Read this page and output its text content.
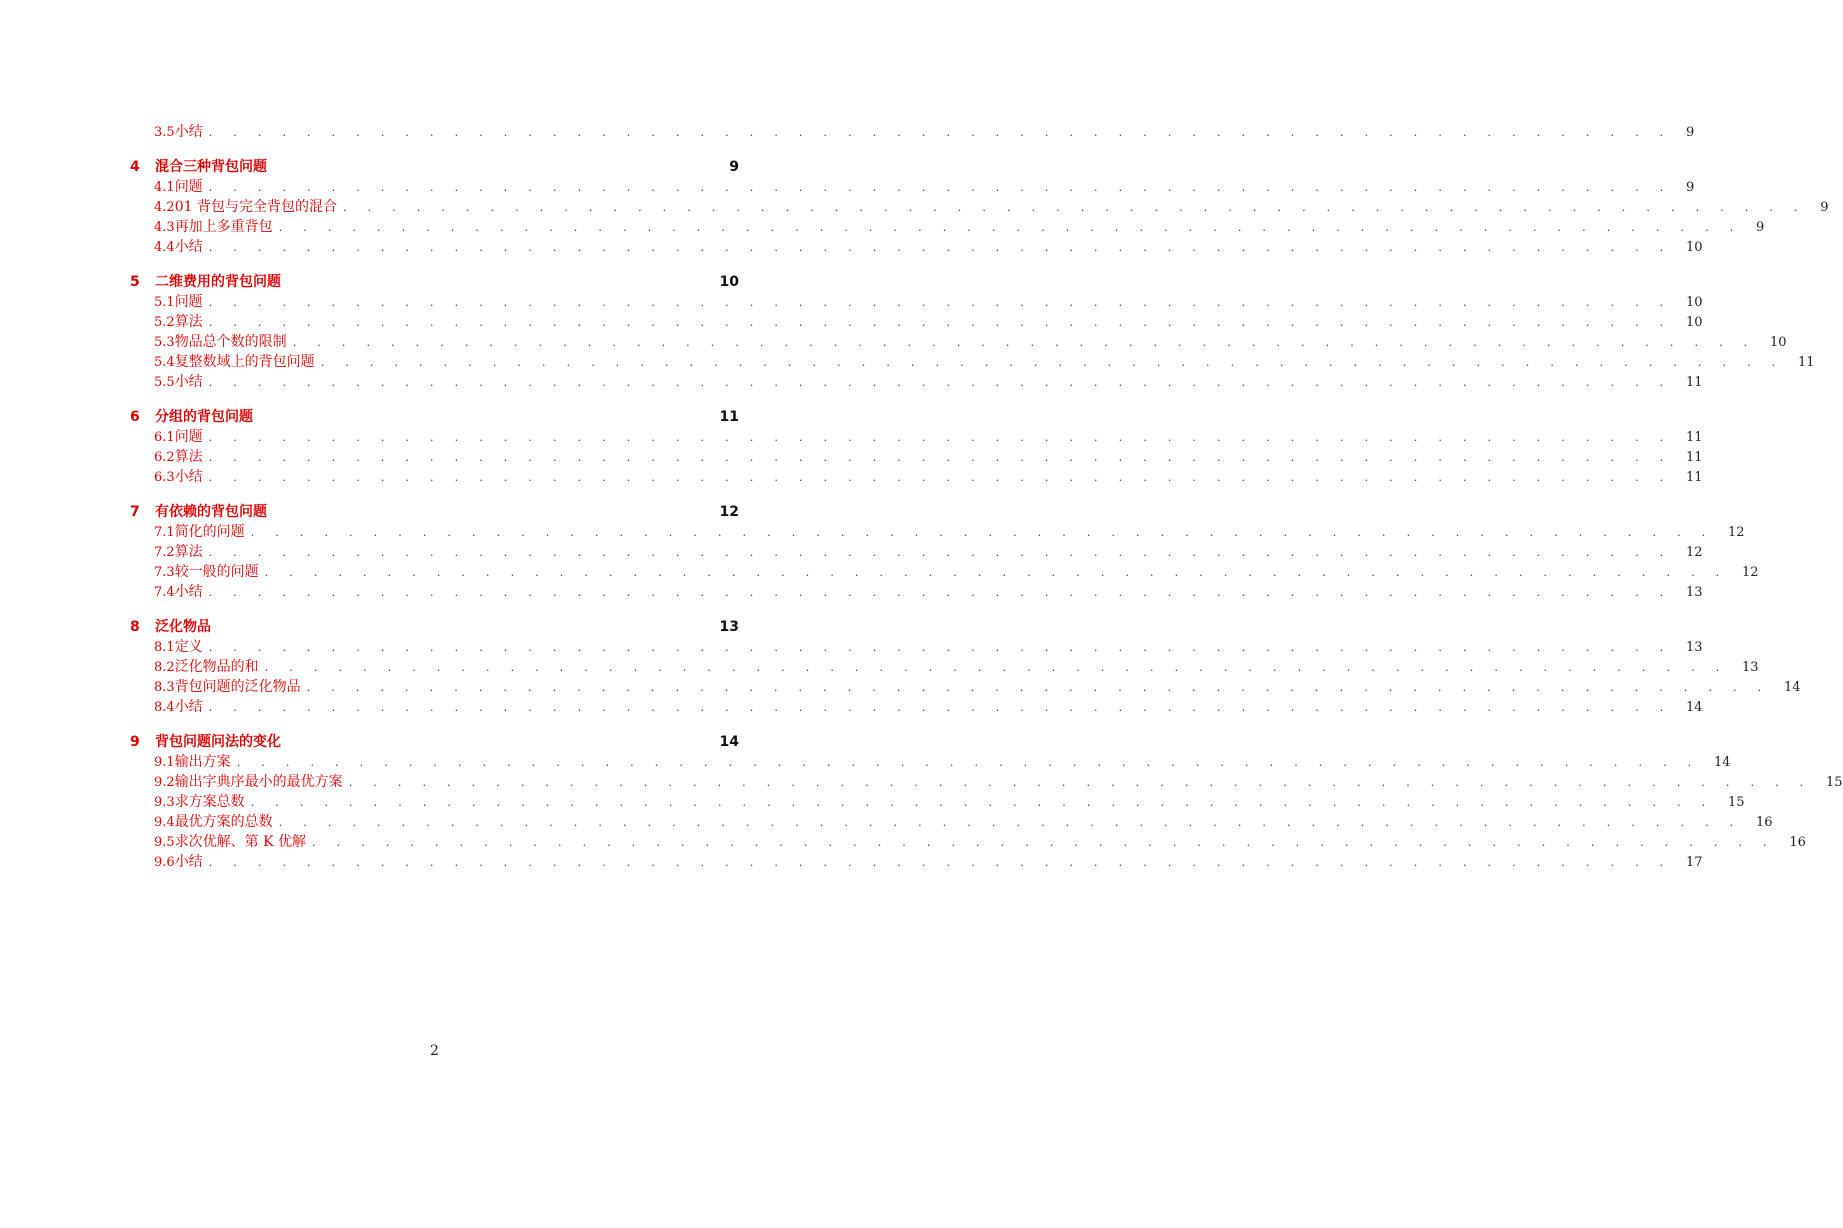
3.5 小结 . . . . . . . . . . . . . . . . . . . . . . . . . . . . . . . . . . . . . . . . . . . . . . . . . . . . . . . . . . . . 9
4	混合三种背包问题	9
4.1 问题 . . . . . . . . . . . . . . . . . . . . . . . . . . . . . . . . . . . . . . . . . . . . . . . . . . . . . . . . . . . . 9
4.2 01 背包与完全背包的混合 . . . . . . . . . . . . . . . . . . . . . . . . . . . . . . . . . . . . . . . . . . . . . . . . . . . . . . . . . . . . 9
4.3 再加上多重背包 . . . . . . . . . . . . . . . . . . . . . . . . . . . . . . . . . . . . . . . . . . . . . . . . . . . . . . . . . . . . 9
4.4 小结 . . . . . . . . . . . . . . . . . . . . . . . . . . . . . . . . . . . . . . . . . . . . . . . . . . . . . . . . . . . . 10
5	二维费用的背包问题	10
5.1 问题 . . . . . . . . . . . . . . . . . . . . . . . . . . . . . . . . . . . . . . . . . . . . . . . . . . . . . . . . . . . . 10
5.2 算法 . . . . . . . . . . . . . . . . . . . . . . . . . . . . . . . . . . . . . . . . . . . . . . . . . . . . . . . . . . . . 10
5.3 物品总个数的限制 . . . . . . . . . . . . . . . . . . . . . . . . . . . . . . . . . . . . . . . . . . . . . . . . . . . . . . . . . . . . 10
5.4 复整数域上的背包问题 . . . . . . . . . . . . . . . . . . . . . . . . . . . . . . . . . . . . . . . . . . . . . . . . . . . . . . . . . . . . 11
5.5 小结 . . . . . . . . . . . . . . . . . . . . . . . . . . . . . . . . . . . . . . . . . . . . . . . . . . . . . . . . . . . . 11
6	分组的背包问题	11
6.1 问题 . . . . . . . . . . . . . . . . . . . . . . . . . . . . . . . . . . . . . . . . . . . . . . . . . . . . . . . . . . . . 11
6.2 算法 . . . . . . . . . . . . . . . . . . . . . . . . . . . . . . . . . . . . . . . . . . . . . . . . . . . . . . . . . . . . 11
6.3 小结 . . . . . . . . . . . . . . . . . . . . . . . . . . . . . . . . . . . . . . . . . . . . . . . . . . . . . . . . . . . . 11
7	有依赖的背包问题	12
7.1 简化的问题 . . . . . . . . . . . . . . . . . . . . . . . . . . . . . . . . . . . . . . . . . . . . . . . . . . . . . . . . . . . . 12
7.2 算法 . . . . . . . . . . . . . . . . . . . . . . . . . . . . . . . . . . . . . . . . . . . . . . . . . . . . . . . . . . . . 12
7.3 较一般的问题 . . . . . . . . . . . . . . . . . . . . . . . . . . . . . . . . . . . . . . . . . . . . . . . . . . . . . . . . . . . . 12
7.4 小结 . . . . . . . . . . . . . . . . . . . . . . . . . . . . . . . . . . . . . . . . . . . . . . . . . . . . . . . . . . . . 13
8	泛化物品	13
8.1 定义 . . . . . . . . . . . . . . . . . . . . . . . . . . . . . . . . . . . . . . . . . . . . . . . . . . . . . . . . . . . . 13
8.2 泛化物品的和 . . . . . . . . . . . . . . . . . . . . . . . . . . . . . . . . . . . . . . . . . . . . . . . . . . . . . . . . . . . . 13
8.3 背包问题的泛化物品 . . . . . . . . . . . . . . . . . . . . . . . . . . . . . . . . . . . . . . . . . . . . . . . . . . . . . . . . . . . . 14
8.4 小结 . . . . . . . . . . . . . . . . . . . . . . . . . . . . . . . . . . . . . . . . . . . . . . . . . . . . . . . . . . . . 14
9	背包问题问法的变化	14
9.1 输出方案 . . . . . . . . . . . . . . . . . . . . . . . . . . . . . . . . . . . . . . . . . . . . . . . . . . . . . . . . . . . . 14
9.2 输出字典序最小的最优方案 . . . . . . . . . . . . . . . . . . . . . . . . . . . . . . . . . . . . . . . . . . . . . . . . . . . . . . . . . . . . 15
9.3 求方案总数 . . . . . . . . . . . . . . . . . . . . . . . . . . . . . . . . . . . . . . . . . . . . . . . . . . . . . . . . . . . . 15
9.4 最优方案的总数 . . . . . . . . . . . . . . . . . . . . . . . . . . . . . . . . . . . . . . . . . . . . . . . . . . . . . . . . . . . . 16
9.5 求次优解、第 K 优解 . . . . . . . . . . . . . . . . . . . . . . . . . . . . . . . . . . . . . . . . . . . . . . . . . . . . . . . . . . . . 16
9.6 小结 . . . . . . . . . . . . . . . . . . . . . . . . . . . . . . . . . . . . . . . . . . . . . . . . . . . . . . . . . . . . 17
2
